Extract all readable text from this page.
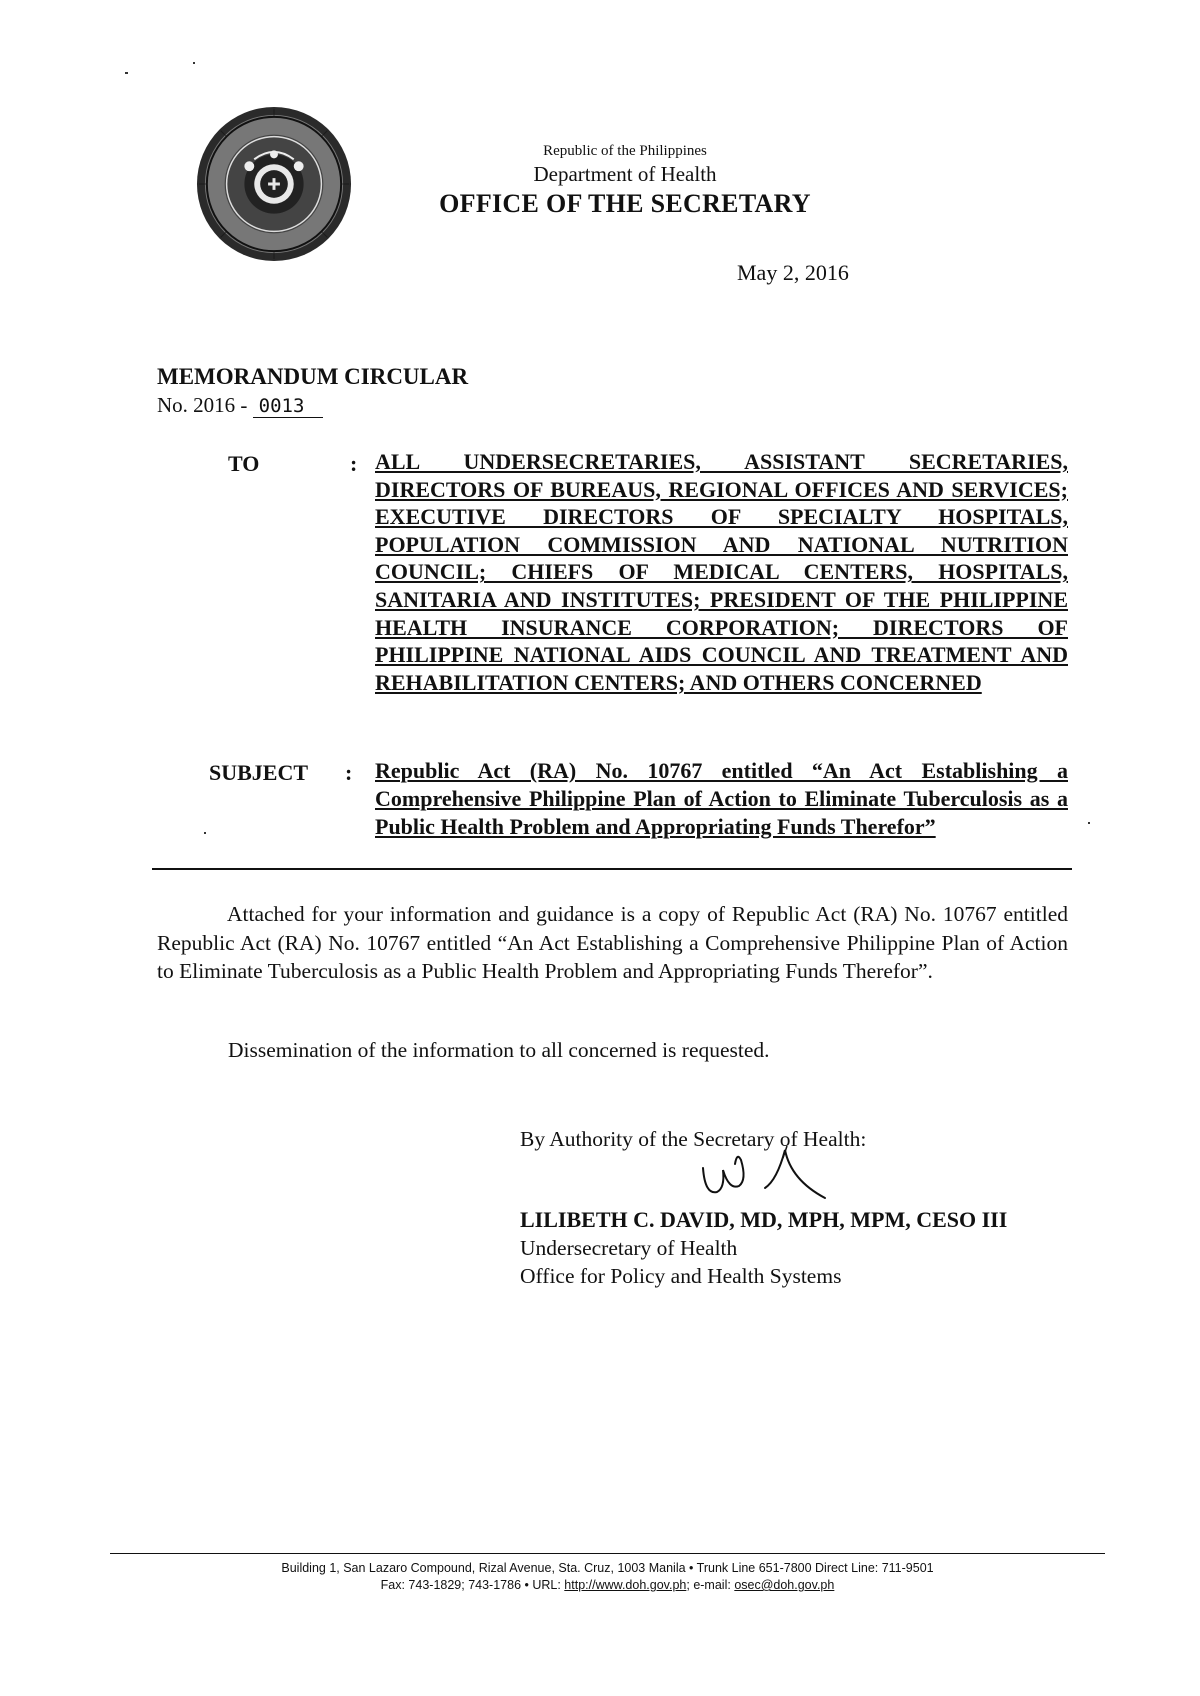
Republic of the Philippines
Department of Health
OFFICE OF THE SECRETARY
May 2, 2016
MEMORANDUM CIRCULAR
No. 2016 - 0013
TO	: ALL UNDERSECRETARIES, ASSISTANT SECRETARIES, DIRECTORS OF BUREAUS, REGIONAL OFFICES AND SERVICES; EXECUTIVE DIRECTORS OF SPECIALTY HOSPITALS, POPULATION COMMISSION AND NATIONAL NUTRITION COUNCIL; CHIEFS OF MEDICAL CENTERS, HOSPITALS, SANITARIA AND INSTITUTES; PRESIDENT OF THE PHILIPPINE HEALTH INSURANCE CORPORATION; DIRECTORS OF PHILIPPINE NATIONAL AIDS COUNCIL AND TREATMENT AND REHABILITATION CENTERS; AND OTHERS CONCERNED
SUBJECT : Republic Act (RA) No. 10767 entitled “An Act Establishing a Comprehensive Philippine Plan of Action to Eliminate Tuberculosis as a Public Health Problem and Appropriating Funds Therefor”
Attached for your information and guidance is a copy of Republic Act (RA) No. 10767 entitled Republic Act (RA) No. 10767 entitled “An Act Establishing a Comprehensive Philippine Plan of Action to Eliminate Tuberculosis as a Public Health Problem and Appropriating Funds Therefor”.
Dissemination of the information to all concerned is requested.
By Authority of the Secretary of Health:
LILIBETH C. DAVID, MD, MPH, MPM, CESO III
Undersecretary of Health
Office for Policy and Health Systems
Building 1, San Lazaro Compound, Rizal Avenue, Sta. Cruz, 1003 Manila • Trunk Line 651-7800 Direct Line: 711-9501
Fax: 743-1829; 743-1786 • URL: http://www.doh.gov.ph; e-mail: osec@doh.gov.ph
